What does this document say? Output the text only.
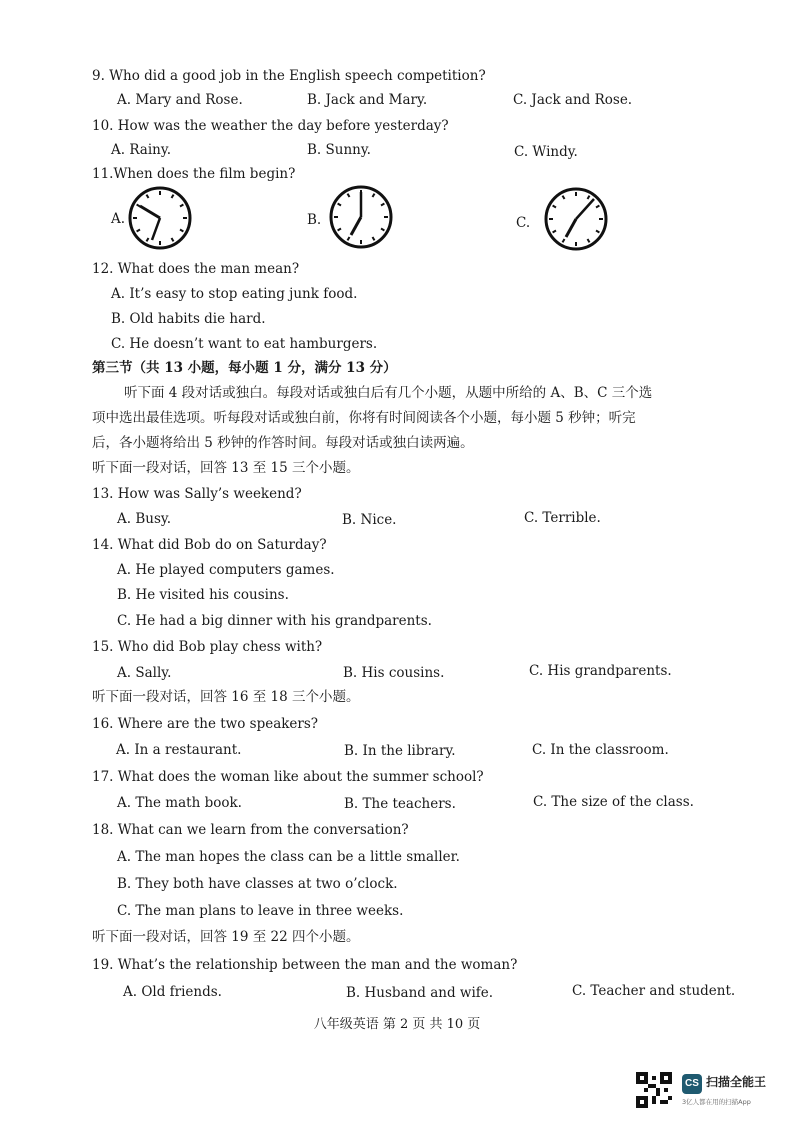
9. Who did a good job in the English speech competition?
A. Mary and Rose.	B. Jack and Mary.	C. Jack and Rose.
10. How was the weather the day before yesterday?
A. Rainy.	B. Sunny.	C. Windy.
11.When does the film begin?
A.	B.	C.
12. What does the man mean?
A. It’s easy to stop eating junk food.
B. Old habits die hard.
C. He doesn’t want to eat hamburgers.
第三节（共 13 小题，每小题 1 分，满分 13 分）
听下面 4 段对话或独白。每段对话或独白后有几个小题，从题中所给的 A、B、C 三个选
项中选出最佳选项。听每段对话或独白前，你将有时间阅读各个小题，每小题 5 秒钟；听完
后，各小题将给出 5 秒钟的作答时间。每段对话或独白读两遍。
听下面一段对话，回答 13 至 15 三个小题。
13. How was Sally’s weekend?
A. Busy.	B. Nice.	C. Terrible.
14. What did Bob do on Saturday?
A. He played computers games.
B. He visited his cousins.
C. He had a big dinner with his grandparents.
15. Who did Bob play chess with?
A. Sally.	B. His cousins.	C. His grandparents.
听下面一段对话，回答 16 至 18 三个小题。
16. Where are the two speakers?
A. In a restaurant.	B. In the library.	C. In the classroom.
17. What does the woman like about the summer school?
A. The math book.	B. The teachers.	C. The size of the class.
18. What can we learn from the conversation?
A. The man hopes the class can be a little smaller.
B. They both have classes at two o’clock.
C. The man plans to leave in three weeks.
听下面一段对话，回答 19 至 22 四个小题。
19. What’s the relationship between the man and the woman?
A. Old friends.	B. Husband and wife.	C. Teacher and student.
八年级英语 第 2 页 共 10 页
CS 扫描全能王
3亿人都在用的扫描App
